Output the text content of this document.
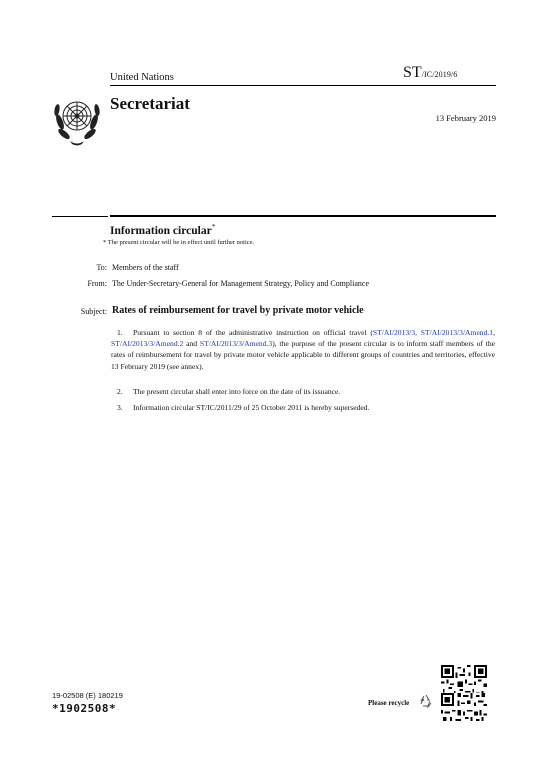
United Nations	ST/IC/2019/6
Secretariat
13 February 2019
Information circular*
* The present circular will be in effect until further notice.
To: Members of the staff
From: The Under-Secretary-General for Management Strategy, Policy and Compliance
Subject: Rates of reimbursement for travel by private motor vehicle
1. Pursuant to section 8 of the administrative instruction on official travel (ST/AI/2013/3, ST/AI/2013/3/Amend.1, ST/AI/2013/3/Amend.2 and ST/AI/2013/3/Amend.3), the purpose of the present circular is to inform staff members of the rates of reimbursement for travel by private motor vehicle applicable to different groups of countries and territories, effective 13 February 2019 (see annex).
2. The present circular shall enter into force on the date of its issuance.
3. Information circular ST/IC/2011/29 of 25 October 2011 is hereby superseded.
19-02508 (E) 180219
*1902508*	Please recycle
